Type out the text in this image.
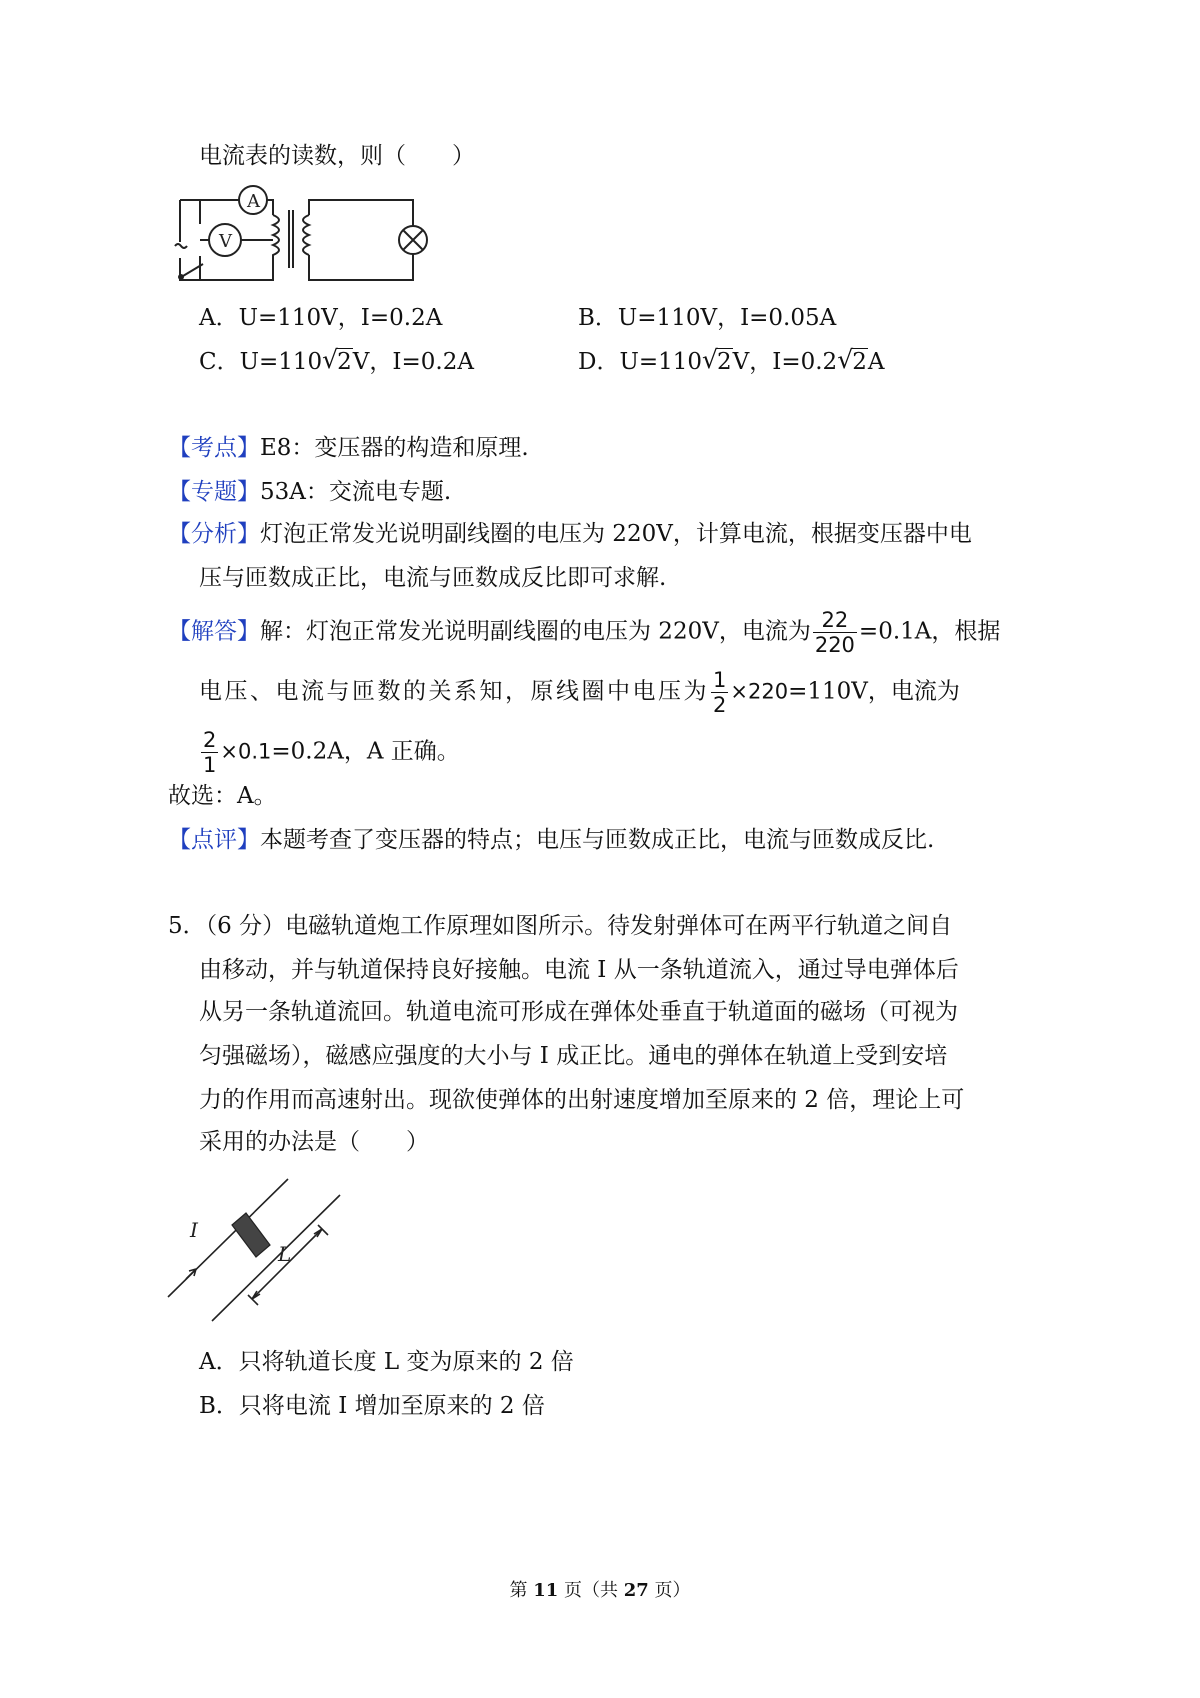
电流表的读数，则（　　）
A
V
A．U=110V，I=0.2A	B．U=110V，I=0.05A
C．U=110 √ 2V，I=0.2A	D．U=110 √ 2V，I=0.2 √ 2A
【考点】E8：变压器的构造和原理.
【专题】53A：交流电专题.
【分析】灯泡正常发光说明副线圈的电压为 220V，计算电流，根据变压器中电
压与匝数成正比，电流与匝数成反比即可求解.
【解答】解：灯泡正常发光说明副线圈的电压为 220V，电流为 $\frac{22}{220} =0.1A$，根据
电压、电流与匝数的关系知，原线圈中电压为 $\frac{1}{2} \times 220=110V$，电流为
$\frac{2}{1} \times 0.1=0.2A$，A 正确。
故选：A。
【点评】本题考查了变压器的特点；电压与匝数成正比，电流与匝数成反比.
5．（6 分）电磁轨道炮工作原理如图所示。待发射弹体可在两平行轨道之间自
由移动，并与轨道保持良好接触。电流 I 从一条轨道流入，通过导电弹体后
从另一条轨道流回。轨道电流可形成在弹体处垂直于轨道面的磁场（可视为
匀强磁场），磁感应强度的大小与 I 成正比。通电的弹体在轨道上受到安培
力的作用而高速射出。现欲使弹体的出射速度增加至原来的 2 倍，理论上可
采用的办法是（　　）
I
L
A．只将轨道长度 L 变为原来的 2 倍
B．只将电流 I 增加至原来的 2 倍
第 11 页（共 27 页）
